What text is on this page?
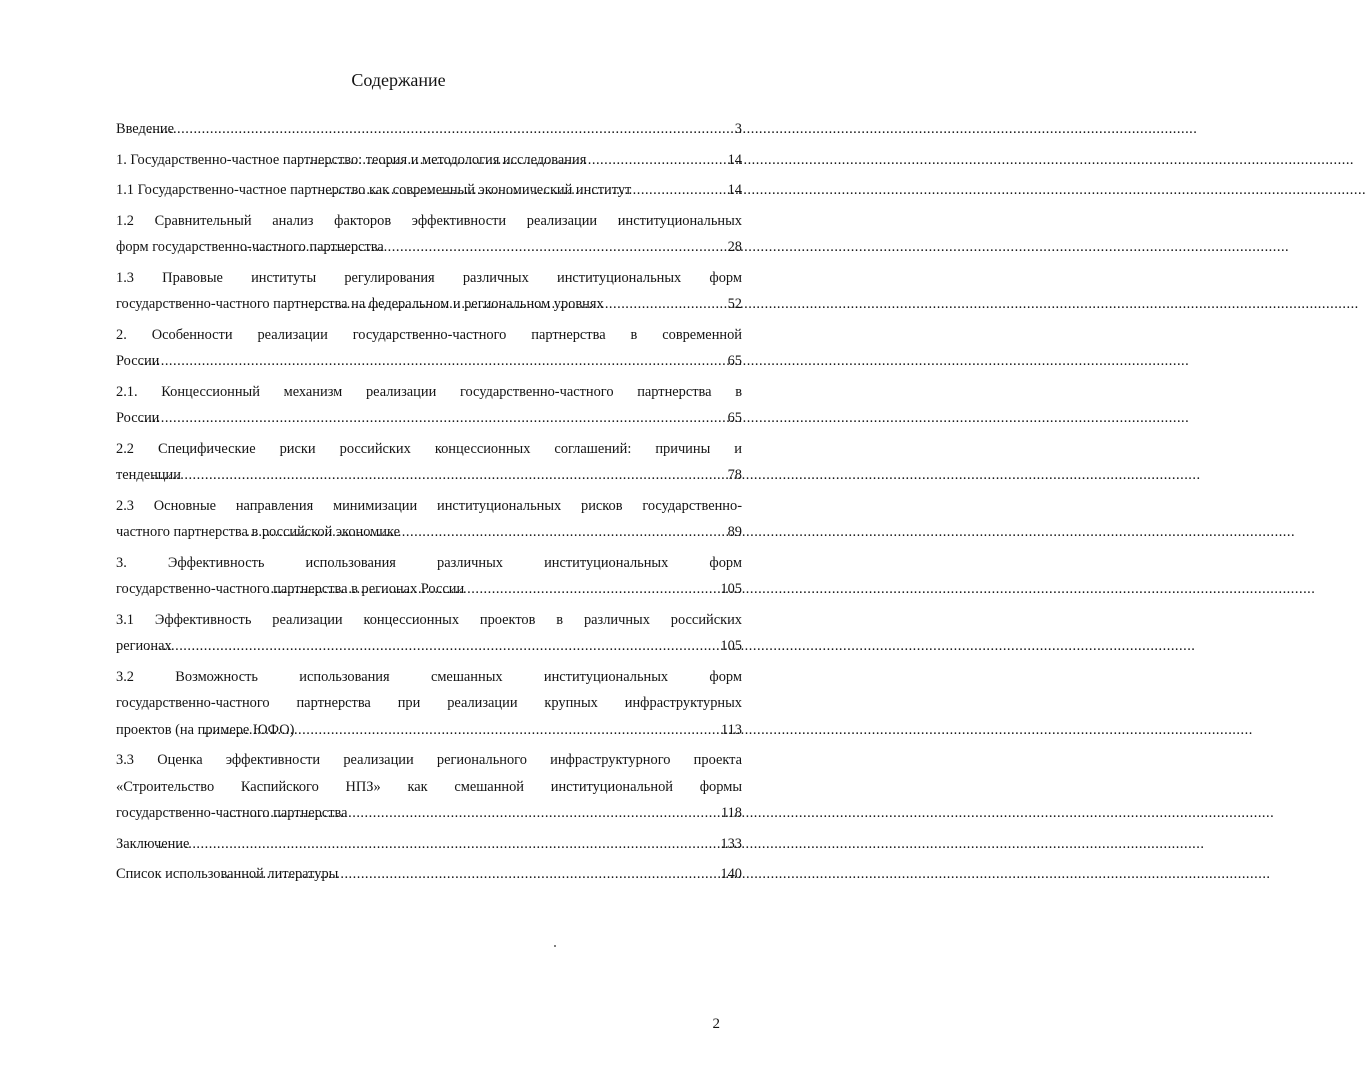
Содержание
Введение .....	3
1. Государственно-частное партнерство: теория и методология исследования .....	14
1.1 Государственно-частное партнерство как современный экономический институт .....	14
1.2 Сравнительный анализ факторов эффективности реализации институциональных
форм государственно-частного партнерства .....	28
1.3 Правовые институты регулирования различных институциональных форм
государственно-частного партнерства на федеральном и региональном уровнях .....	52
2. Особенности реализации государственно-частного партнерства в современной
России .....	65
2.1. Концессионный механизм реализации государственно-частного партнерства в
России .....	65
2.2 Специфические риски российских концессионных соглашений: причины и
тенденции .....	78
2.3 Основные направления минимизации институциональных рисков государственно-
частного партнерства в российской экономике .....	89
3. Эффективность использования различных институциональных форм
государственно-частного партнерства в регионах России .....	105
3.1 Эффективность реализации концессионных проектов в различных российских
регионах .....	105
3.2 Возможность использования смешанных институциональных форм
государственно-частного партнерства при реализации крупных инфраструктурных
проектов (на примере ЮФО) .....	113
3.3 Оценка эффективности реализации регионального инфраструктурного проекта
«Строительство Каспийского НПЗ» как смешанной институциональной формы
государственно-частного партнерства .....	118
Заключение .....	133
Список использованной литературы .....	140
2
